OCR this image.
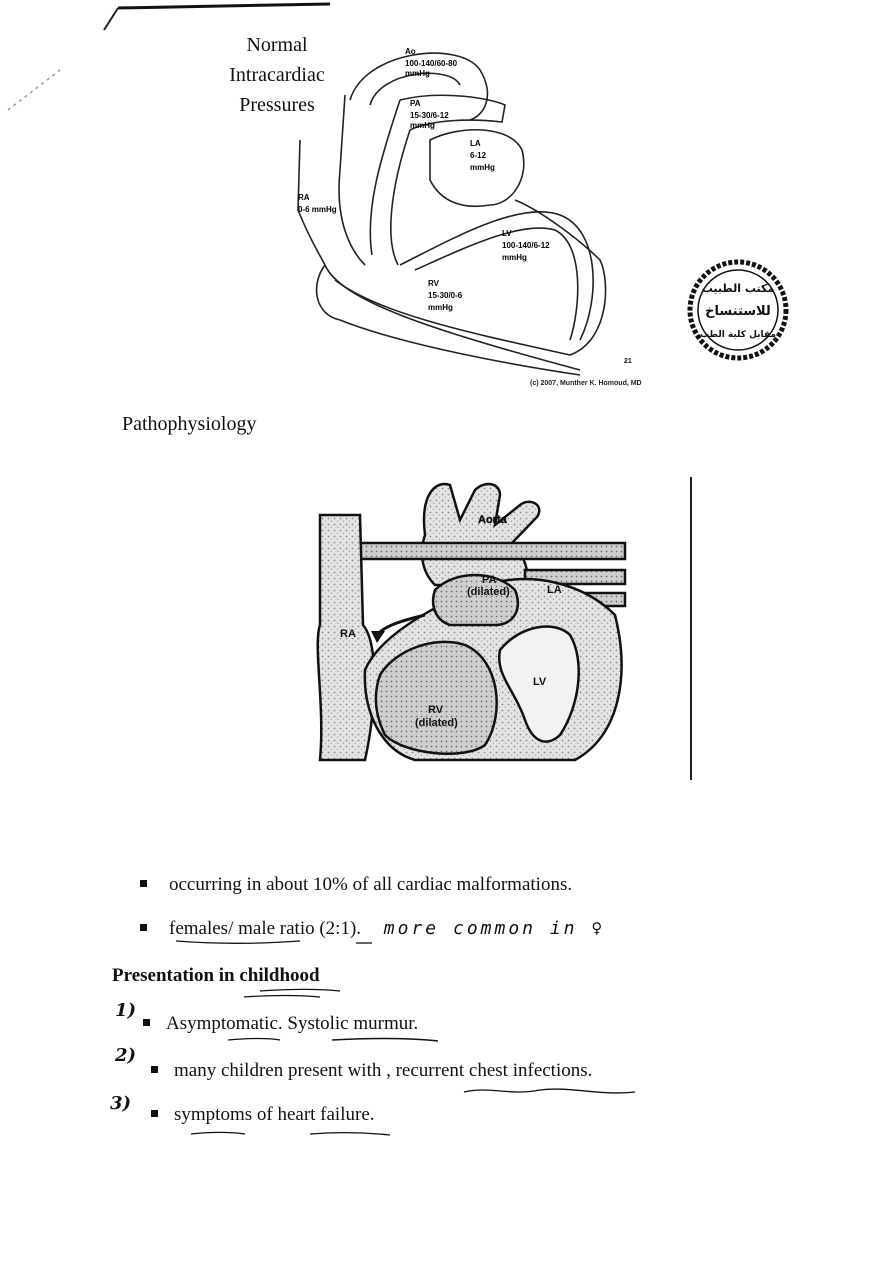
Normal
Intracardiac
Pressures
Ao
100-140/60-80
mmHg
PA
15-30/6-12
mmHg
LA
6-12
mmHg
RA
0-6 mmHg
LV
100-140/6-12
mmHg
RV
15-30/0-6
mmHg
21
(c) 2007, Munther K. Homoud, MD
مكتب الطبيب
للاستنساخ
مقابل كلية الطب
Pathophysiology
Aorta
PA
(dilated)	LA
RA
LV
RV
(dilated)
occurring in about 10% of all cardiac malformations.
females/ male ratio (2:1). more common in ♀
Presentation in childhood
1)
Asymptomatic. Systolic murmur.
2)
many children present with , recurrent chest infections.
3)
symptoms of heart failure.
